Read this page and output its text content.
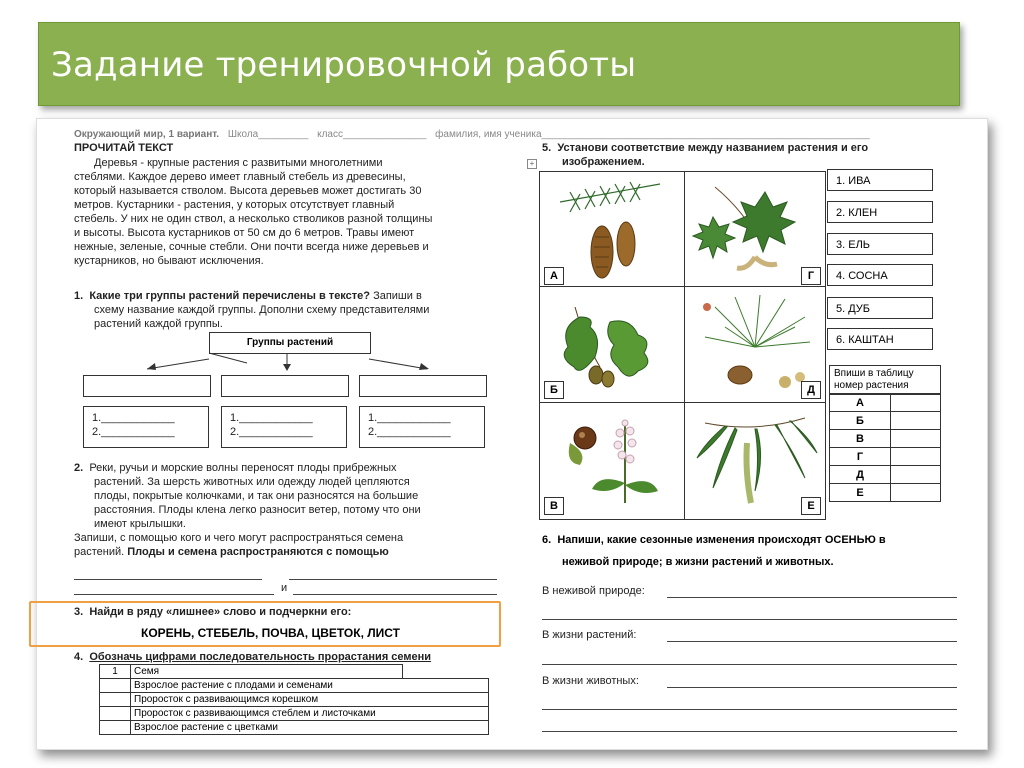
Задание тренировочной работы
Окружающий мир, 1 вариант. Школа_________ класс_______________ фамилия, имя ученика___________________________________________________________
ПРОЧИТАЙ ТЕКСТ
Деревья - крупные растения с развитыми многолетними
стеблями. Каждое дерево имеет главный стебель из древесины,
который называется стволом. Высота деревьев может достигать 30
метров. Кустарники - растения, у которых отсутствует главный
стебель. У них не один ствол, а несколько стволиков разной толщины
и высоты. Высота кустарников от 50 см до 6 метров. Травы имеют
нежные, зеленые, сочные стебли. Они почти всегда ниже деревьев и
кустарников, но бывают исключения.
1. Какие три группы растений перечислены в тексте? Запиши в
схему название каждой группы. Дополни схему представителями
растений каждой группы.
Группы растений
1.____________
2.____________
1.____________
2.____________
1.____________
2.____________
2. Реки, ручьи и морские волны переносят плоды прибрежных
растений. За шерсть животных или одежду людей цепляются
плоды, покрытые колючками, и так они разносятся на большие
расстояния. Плоды клена легко разносит ветер, потому что они
имеют крылышки.
Запиши, с помощью кого и чего могут распространяться семена
растений. Плоды и семена распространяются с помощью
и
3. Найди в ряду «лишнее» слово и подчеркни его:
КОРЕНЬ, СТЕБЕЛЬ, ПОЧВА, ЦВЕТОК, ЛИСТ
4. Обозначь цифрами последовательность прорастания семени
1	Семя	
	Взрослое растение с плодами и семенами	
	Проросток с развивающимся корешком	
	Проросток с развивающимся стеблем и листочками	
	Взрослое растение с цветками	
5. Установи соответствие между названием растения и его
изображением.
+
А	Г
Б	Д
В	Е
1. ИВА
2. КЛЕН
3. ЕЛЬ
4. СОСНА
5. ДУБ
6. КАШТАН
Впиши в таблицу номер растения
А	
Б	
В	
Г	
Д	
Е	
6. Напиши, какие сезонные изменения происходят ОСЕНЬЮ в
неживой природе; в жизни растений и животных.
В неживой природе:
В жизни растений:
В жизни животных:
